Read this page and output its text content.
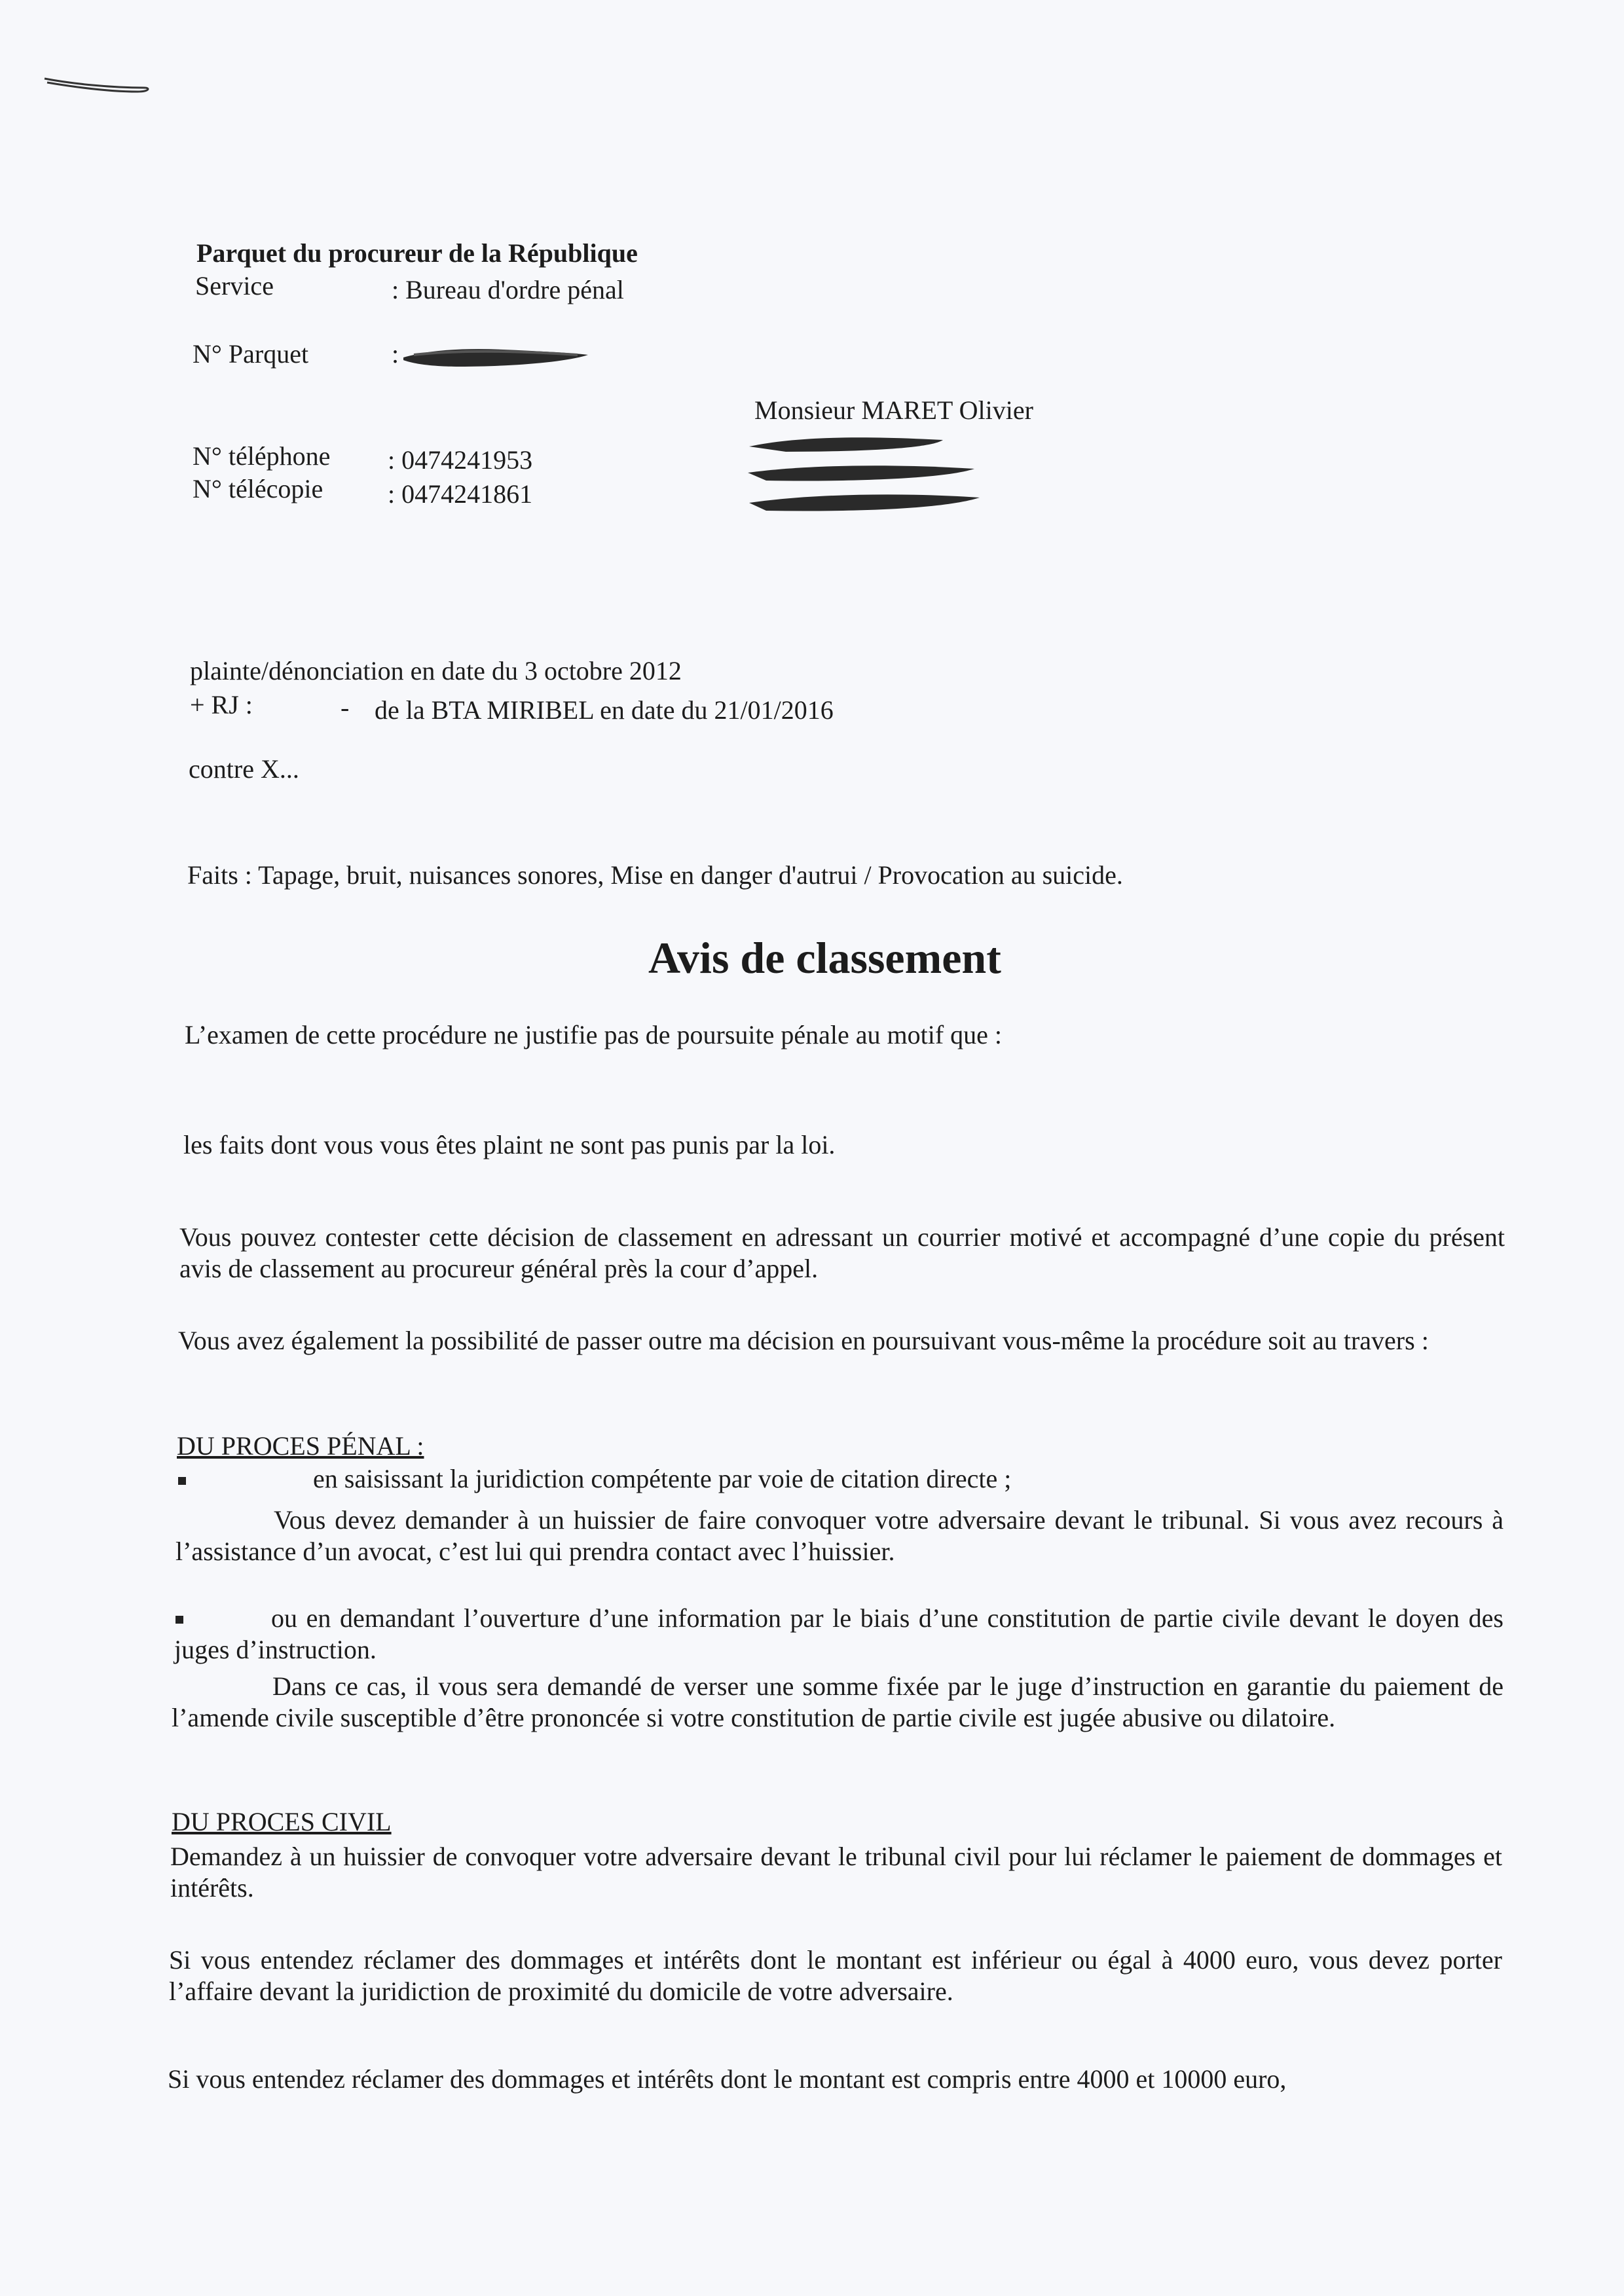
Parquet du procureur de la République
Service	: Bureau d'ordre pénal
N° Parquet	:
Monsieur MARET Olivier
N° téléphone : 0474241953
N° télécopie : 0474241861
plainte/dénonciation en date du 3 octobre 2012
+ RJ :	- de la BTA MIRIBEL en date du 21/01/2016
contre X...
Faits : Tapage, bruit, nuisances sonores, Mise en danger d'autrui / Provocation au suicide.
Avis de classement
L’examen de cette procédure ne justifie pas de poursuite pénale au motif que :
les faits dont vous vous êtes plaint ne sont pas punis par la loi.
Vous pouvez contester cette décision de classement en adressant un courrier motivé et accompagné d’une copie du présent avis de classement au procureur général près la cour d’appel.
Vous avez également la possibilité de passer outre ma décision en poursuivant vous-même la procédure soit au travers :
DU PROCES PÉNAL :
en saisissant la juridiction compétente par voie de citation directe ;
Vous devez demander à un huissier de faire convoquer votre adversaire devant le tribunal. Si vous avez recours à l’assistance d’un avocat, c’est lui qui prendra contact avec l’huissier.
ou en demandant l’ouverture d’une information par le biais d’une constitution de partie civile devant le doyen des juges d’instruction.
Dans ce cas, il vous sera demandé de verser une somme fixée par le juge d’instruction en garantie du paiement de l’amende civile susceptible d’être prononcée si votre constitution de partie civile est jugée abusive ou dilatoire.
DU PROCES CIVIL
Demandez à un huissier de convoquer votre adversaire devant le tribunal civil pour lui réclamer le paiement de dommages et intérêts.
Si vous entendez réclamer des dommages et intérêts dont le montant est inférieur ou égal à 4000 euro, vous devez porter l’affaire devant la juridiction de proximité du domicile de votre adversaire.
Si vous entendez réclamer des dommages et intérêts dont le montant est compris entre 4000 et 10000 euro,
